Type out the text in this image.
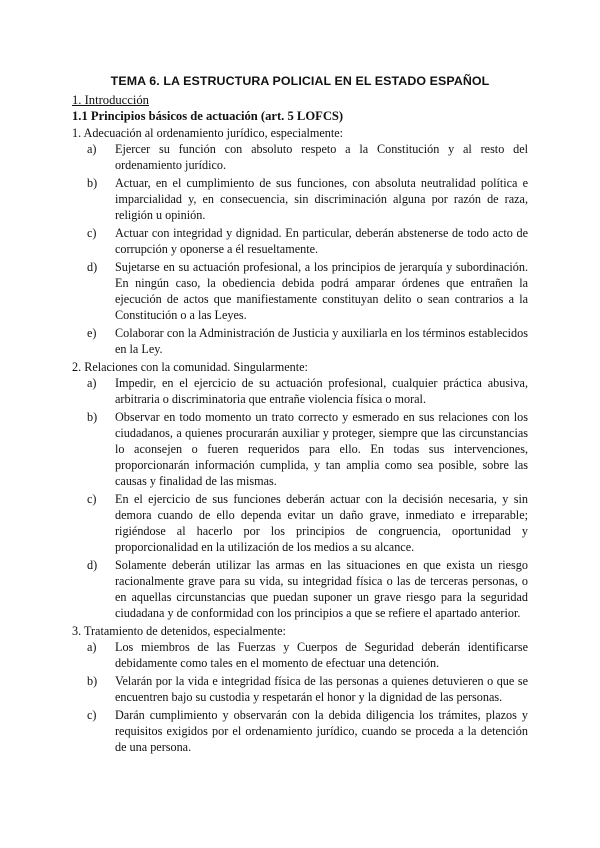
TEMA 6. LA ESTRUCTURA POLICIAL EN EL ESTADO ESPAÑOL
1. Introducción
1.1 Principios básicos de actuación (art. 5 LOFCS)
1. Adecuación al ordenamiento jurídico, especialmente:
a)	Ejercer su función con absoluto respeto a la Constitución y al resto del ordenamiento jurídico.
b)	Actuar, en el cumplimiento de sus funciones, con absoluta neutralidad política e imparcialidad y, en consecuencia, sin discriminación alguna por razón de raza, religión u opinión.
c)	Actuar con integridad y dignidad. En particular, deberán abstenerse de todo acto de corrupción y oponerse a él resueltamente.
d)	Sujetarse en su actuación profesional, a los principios de jerarquía y subordinación. En ningún caso, la obediencia debida podrá amparar órdenes que entrañen la ejecución de actos que manifiestamente constituyan delito o sean contrarios a la Constitución o a las Leyes.
e)	Colaborar con la Administración de Justicia y auxiliarla en los términos establecidos en la Ley.
2. Relaciones con la comunidad. Singularmente:
a)	Impedir, en el ejercicio de su actuación profesional, cualquier práctica abusiva, arbitraria o discriminatoria que entrañe violencia física o moral.
b)	Observar en todo momento un trato correcto y esmerado en sus relaciones con los ciudadanos, a quienes procurarán auxiliar y proteger, siempre que las circunstancias lo aconsejen o fueren requeridos para ello. En todas sus intervenciones, proporcionarán información cumplida, y tan amplia como sea posible, sobre las causas y finalidad de las mismas.
c)	En el ejercicio de sus funciones deberán actuar con la decisión necesaria, y sin demora cuando de ello dependa evitar un daño grave, inmediato e irreparable; rigiéndose al hacerlo por los principios de congruencia, oportunidad y proporcionalidad en la utilización de los medios a su alcance.
d)	Solamente deberán utilizar las armas en las situaciones en que exista un riesgo racionalmente grave para su vida, su integridad física o las de terceras personas, o en aquellas circunstancias que puedan suponer un grave riesgo para la seguridad ciudadana y de conformidad con los principios a que se refiere el apartado anterior.
3. Tratamiento de detenidos, especialmente:
a)	Los miembros de las Fuerzas y Cuerpos de Seguridad deberán identificarse debidamente como tales en el momento de efectuar una detención.
b)	Velarán por la vida e integridad física de las personas a quienes detuvieren o que se encuentren bajo su custodia y respetarán el honor y la dignidad de las personas.
c)	Darán cumplimiento y observarán con la debida diligencia los trámites, plazos y requisitos exigidos por el ordenamiento jurídico, cuando se proceda a la detención de una persona.
